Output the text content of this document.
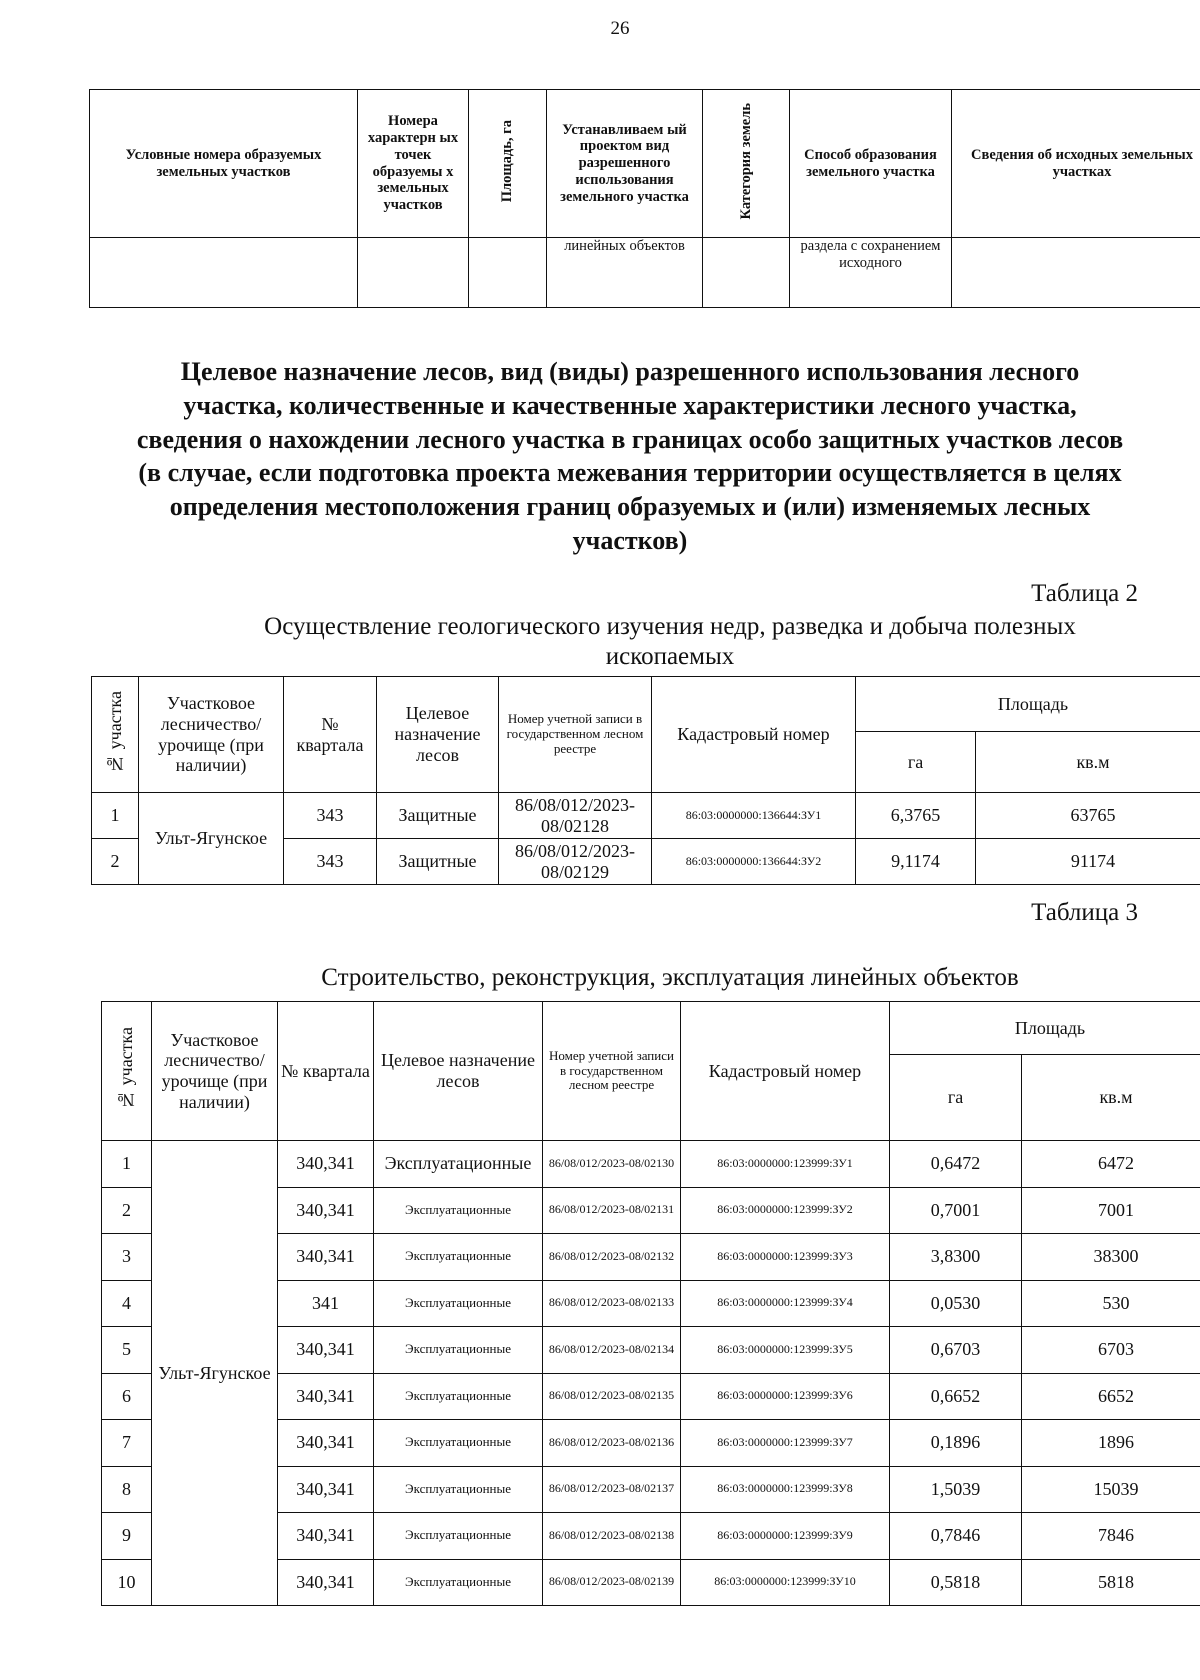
26
Условные номера образуемых земельных участков	Номера характерн ых точек образуемы х земельных участков	Площадь, га	Устанавливаем ый проектом вид разрешенного использования земельного участка	Категория земель	Способ образования земельного участка	Сведения об исходных земельных участках
			линейных объектов		раздела с сохранением исходного	
Целевое назначение лесов, вид (виды) разрешенного использования лесного участка, количественные и качественные характеристики лесного участка, сведения о нахождении лесного участка в границах особо защитных участков лесов (в случае, если подготовка проекта межевания территории осуществляется в целях определения местоположения границ образуемых и (или) изменяемых лесных участков)
Таблица 2
Осуществление геологического изучения недр, разведка и добыча полезных ископаемых
№ участка	Участковое лесничество/ урочище (при наличии)	№ квартала	Целевое назначение лесов	Номер учетной записи в государственном лесном реестре	Кадастровый номер	Площадь	
						га	кв.м
1	Ульт-Ягунское	343	Защитные	86/08/012/2023-08/02128	86:03:0000000:136644:ЗУ1	6,3765	63765
2		343	Защитные	86/08/012/2023-08/02129	86:03:0000000:136644:ЗУ2	9,1174	91174
Таблица 3
Строительство, реконструкция, эксплуатация линейных объектов
№ участка	Участковое лесничество/ урочище (при наличии)	№ квартала	Целевое назначение лесов	Номер учетной записи в государственном лесном реестре	Кадастровый номер	Площадь	
						га	кв.м
1	Ульт-Ягунское	340,341	Эксплуатационные	86/08/012/2023-08/02130	86:03:0000000:123999:ЗУ1	0,6472	6472
2		340,341	Эксплуатационные	86/08/012/2023-08/02131	86:03:0000000:123999:ЗУ2	0,7001	7001
3		340,341	Эксплуатационные	86/08/012/2023-08/02132	86:03:0000000:123999:ЗУ3	3,8300	38300
4		341	Эксплуатационные	86/08/012/2023-08/02133	86:03:0000000:123999:ЗУ4	0,0530	530
5		340,341	Эксплуатационные	86/08/012/2023-08/02134	86:03:0000000:123999:ЗУ5	0,6703	6703
6		340,341	Эксплуатационные	86/08/012/2023-08/02135	86:03:0000000:123999:ЗУ6	0,6652	6652
7		340,341	Эксплуатационные	86/08/012/2023-08/02136	86:03:0000000:123999:ЗУ7	0,1896	1896
8		340,341	Эксплуатационные	86/08/012/2023-08/02137	86:03:0000000:123999:ЗУ8	1,5039	15039
9		340,341	Эксплуатационные	86/08/012/2023-08/02138	86:03:0000000:123999:ЗУ9	0,7846	7846
10		340,341	Эксплуатационные	86/08/012/2023-08/02139	86:03:0000000:123999:ЗУ10	0,5818	5818
